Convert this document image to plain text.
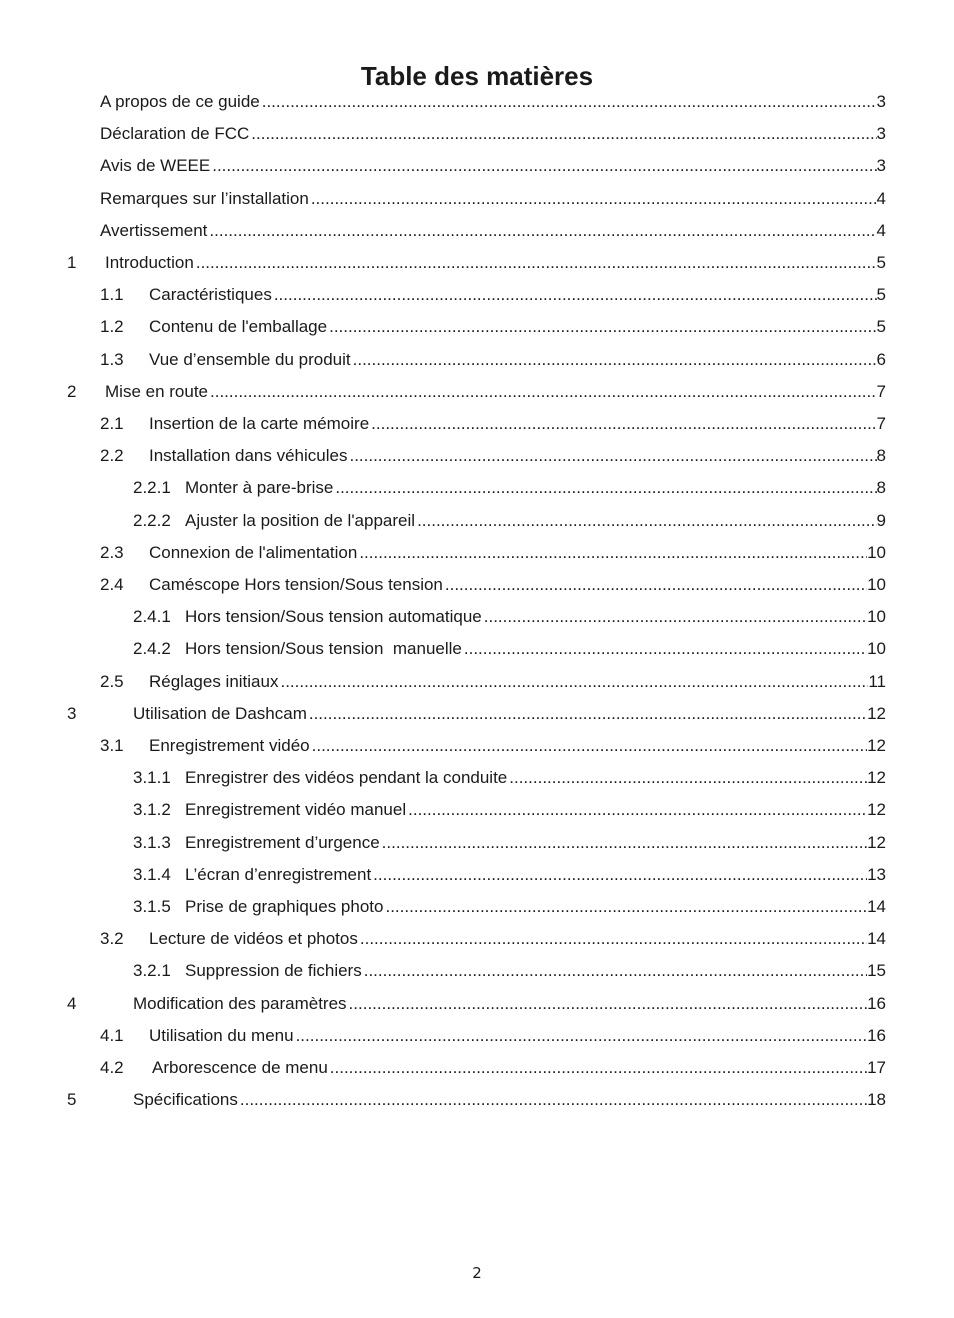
Table des matières
A propos de ce guide .....	3
Déclaration de FCC .....	3
Avis de WEEE .....	3
Remarques sur l’installation .....	4
Avertissement .....	4
1	Introduction .....	5
1.1	Caractéristiques .....	5
1.2	Contenu de l'emballage .....	5
1.3	Vue d’ensemble du produit .....	6
2	Mise en route .....	7
2.1	Insertion de la carte mémoire .....	7
2.2	Installation dans véhicules .....	8
2.2.1 Monter à pare-brise .....	8
2.2.2 Ajuster la position de l'appareil .....	9
2.3	Connexion de l'alimentation .....	10
2.4	Caméscope Hors tension/Sous tension .....	10
2.4.1 Hors tension/Sous tension automatique .....	10
2.4.2 Hors tension/Sous tension  manuelle .....	10
2.5	Réglages initiaux .....	11
3	Utilisation de Dashcam .....	12
3.1	Enregistrement vidéo .....	12
3.1.1 Enregistrer des vidéos pendant la conduite .....	12
3.1.2 Enregistrement vidéo manuel .....	12
3.1.3 Enregistrement d’urgence .....	12
3.1.4 L’écran d’enregistrement .....	13
3.1.5 Prise de graphiques photo .....	14
3.2	Lecture de vidéos et photos .....	14
3.2.1 Suppression de fichiers .....	15
4	Modification des paramètres .....	16
4.1	Utilisation du menu .....	16
4.2	Arborescence de menu .....	17
5	Spécifications .....	18
2
